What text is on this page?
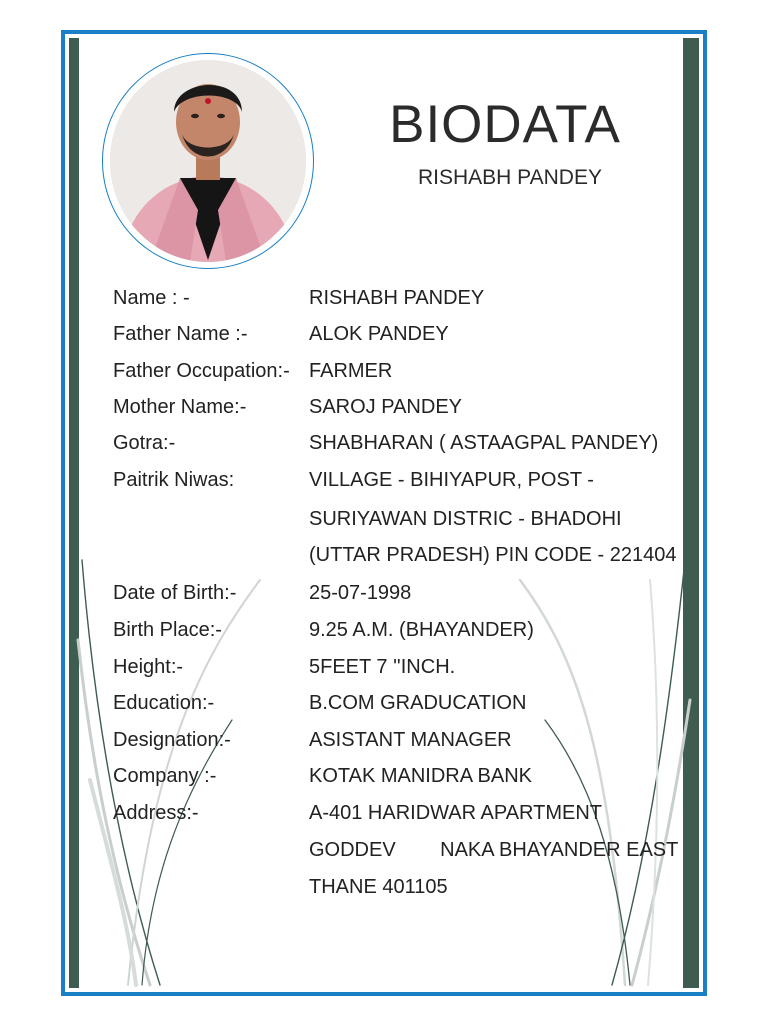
BIODATA
RISHABH PANDEY
Name : -	RISHABH PANDEY
Father Name :-	ALOK PANDEY
Father Occupation:- FARMER
Mother Name:-	SAROJ PANDEY
Gotra:-	SHABHARAN ( ASTAAGPAL PANDEY)
Paitrik Niwas:	VILLAGE - BIHIYAPUR, POST -
SURIYAWAN DISTRIC - BHADOHI
(UTTAR PRADESH) PIN CODE - 221404
Date of Birth:-	25-07-1998
Birth Place:-	9.25 A.M. (BHAYANDER)
Height:-	5FEET 7 ''INCH.
Education:-	B.COM GRADUCATION
Designation:-	ASISTANT MANAGER
Company :-	KOTAK MANIDRA BANK
Address:-	A-401 HARIDWAR APARTMENT
GODDEV        NAKA BHAYANDER EAST
THANE 401105
